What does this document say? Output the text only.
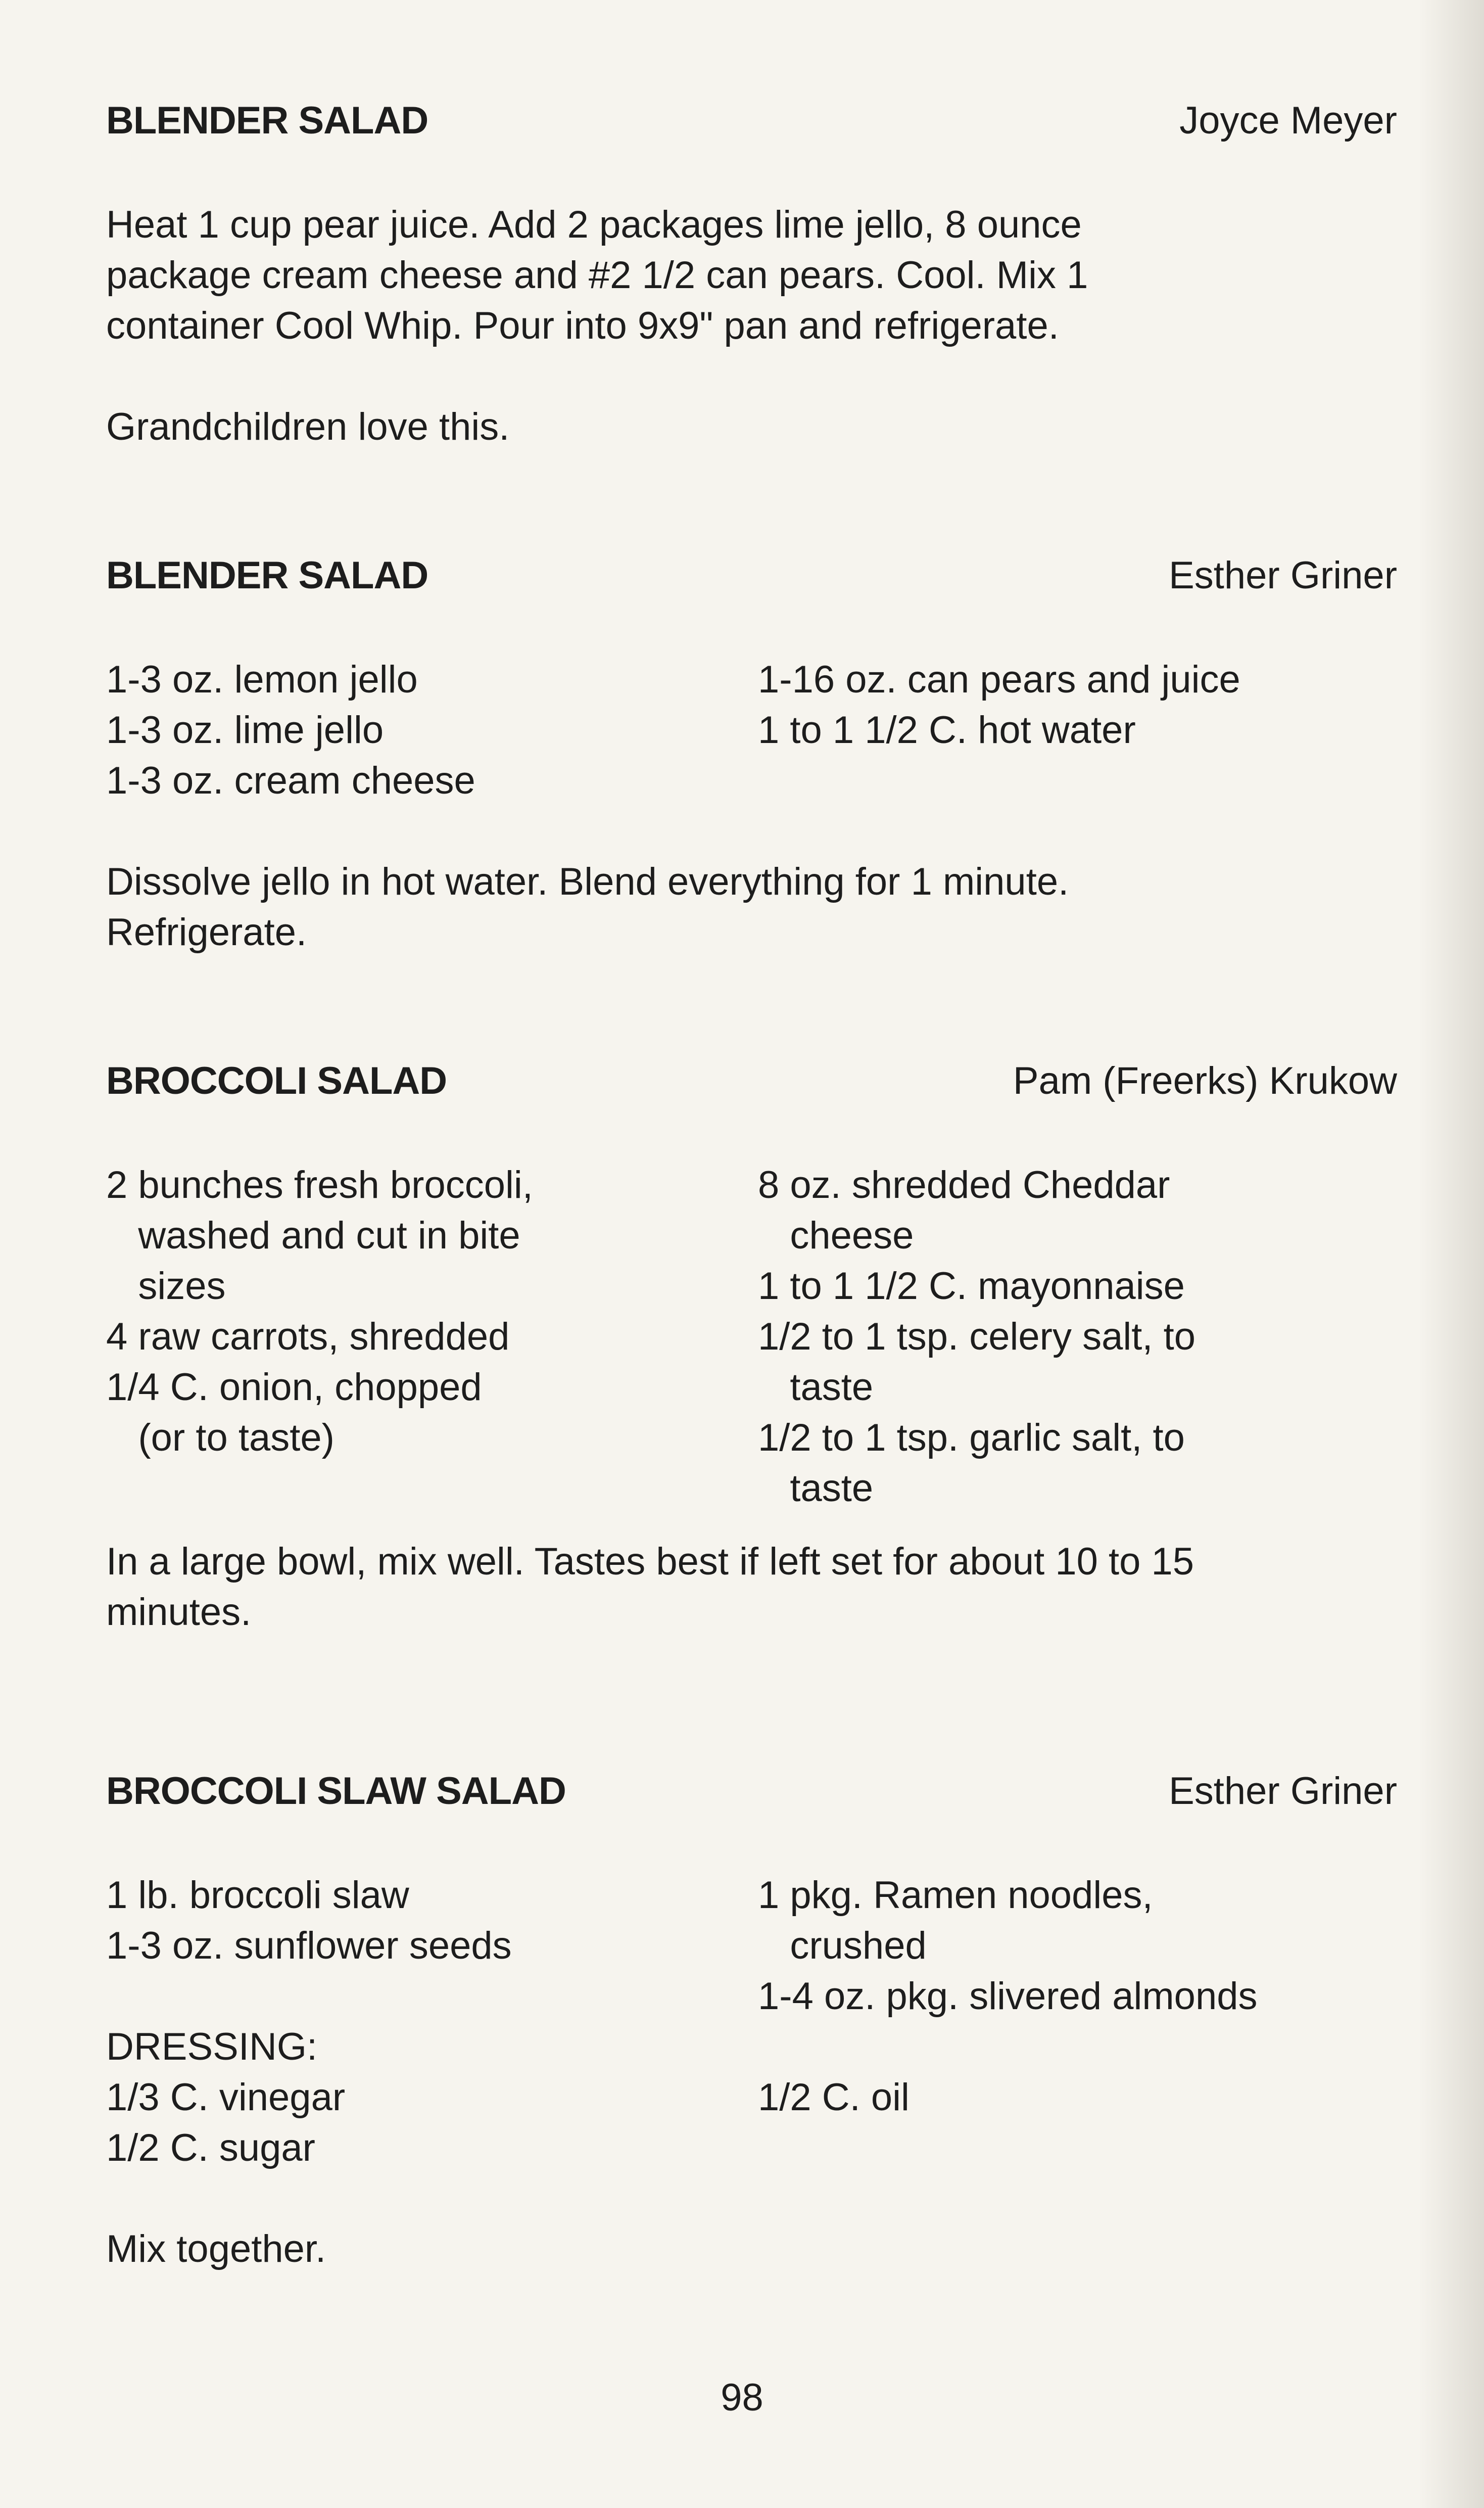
BLENDER SALAD	Joyce Meyer

Heat 1 cup pear juice. Add 2 packages lime jello, 8 ounce

package cream cheese and #2 1/2 can pears. Cool. Mix 1

container Cool Whip. Pour into 9x9" pan and refrigerate.

Grandchildren love this.

BLENDER SALAD	Esther Griner
1-3 oz. lemon jello
1-3 oz. lime jello
1-3 oz. cream cheese
1-16 oz. can pears and juice
1 to 1 1/2 C. hot water

Dissolve jello in hot water. Blend everything for 1 minute.

Refrigerate.

BROCCOLI SALAD	Pam (Freerks) Krukow
2 bunches fresh broccoli,
washed and cut in bite
sizes
4 raw carrots, shredded
1/4 C. onion, chopped
(or to taste)
8 oz. shredded Cheddar
cheese
1 to 1 1/2 C. mayonnaise
1/2 to 1 tsp. celery salt, to
taste
1/2 to 1 tsp. garlic salt, to
taste

In a large bowl, mix well. Tastes best if left set for about 10 to 15

minutes.

BROCCOLI SLAW SALAD	Esther Griner
1 lb. broccoli slaw
1-3 oz. sunflower seeds
1 pkg. Ramen noodles,
crushed
1-4 oz. pkg. slivered almonds
DRESSING:
1/3 C. vinegar
1/2 C. sugar
1/2 C. oil

Mix together.

98
